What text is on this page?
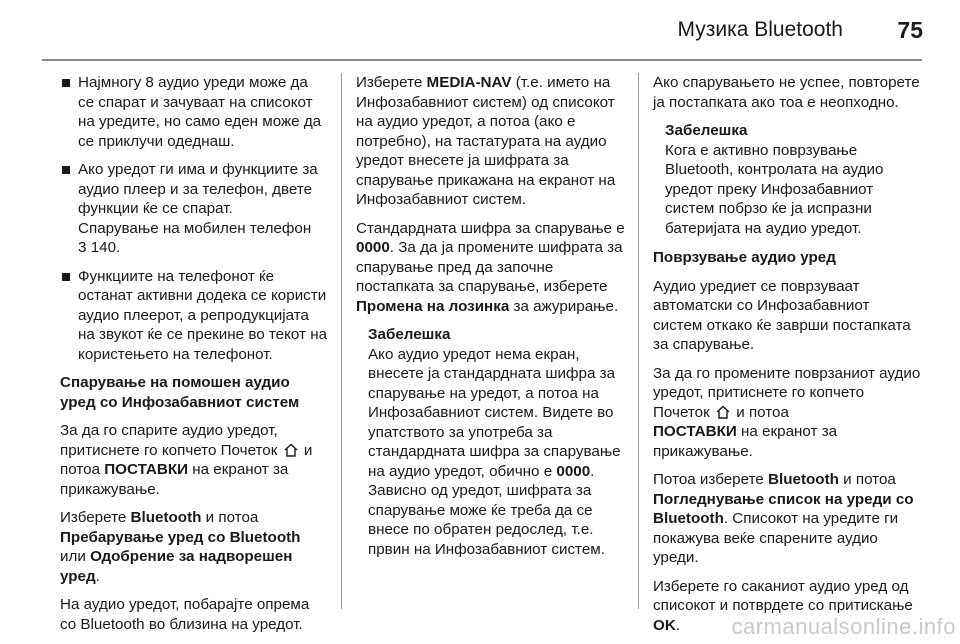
Музика Bluetooth 75
Најмногу 8 аудио уреди може да се спарат и зачуваат на списокот на уредите, но само еден може да се приклучи одеднаш.
Ако уредот ги има и функциите за аудио плеер и за телефон, двете функции ќе се спарат.
Спарување на мобилен телефон
3 140.
Функциите на телефонот ќе останат активни додека се користи аудио плеерот, а репродукцијата на звукот ќе се прекине во текот на користењето на телефонот.

Спарување на помошен аудио уред со Инфозабавниот систем

За да го спарите аудио уредот, притиснете го копчето Почеток и потоа ПОСТАВКИ на екранот за прикажување.

Изберете Bluetooth и потоа
Пребарување уред со Bluetooth
или Одобрение за надворешен уред.

На аудио уредот, побарајте опрема со Bluetooth во близина на уредот.

Изберете MEDIA-NAV (т.е. името на Инфозабавниот систем) од списокот на аудио уредот, а потоа (ако е потребно), на тастатурата на аудио уредот внесете ја шифрата за спарување прикажана на екранот на Инфозабавниот систем.

Стандардната шифра за спарување е 0000. За да ја промените шифрата за спарување пред да започне постапката за спарување, изберете Промена на лозинка за ажурирање.

Забелешка
Ако аудио уредот нема екран, внесете ја стандардната шифра за спарување на уредот, а потоа на Инфозабавниот систем. Видете во упатството за употреба за стандардната шифра за спарување на аудио уредот, обично е 0000. Зависно од уредот, шифрата за спарување може ќе треба да се внесе по обратен редослед, т.е. првин на Инфозабавниот систем.

Ако спарувањето не успее, повторете ја постапката ако тоа е неопходно.

Забелешка
Кога е активно поврзување Bluetooth, контролата на аудио уредот преку Инфозабавниот систем побрзо ќе ја испразни батериjата на аудио уредот.

Поврзување аудио уред

Аудио уредиет се поврзуваат автоматски со Инфозабавниот систем откако ќе заврши постапката за спарување.

За да го промените поврзаниот аудио уредот, притиснете го копчето Почеток и потоа
ПОСТАВКИ на екранот за прикажување.

Потоа изберете Bluetooth и потоа Погледнување список на уреди со Bluetooth. Списокот на уредите ги покажува веќе спарените аудио уреди.

Изберете го саканиот аудио уред од списокот и потврдете со притискање OK.	carmanualsonline.info
